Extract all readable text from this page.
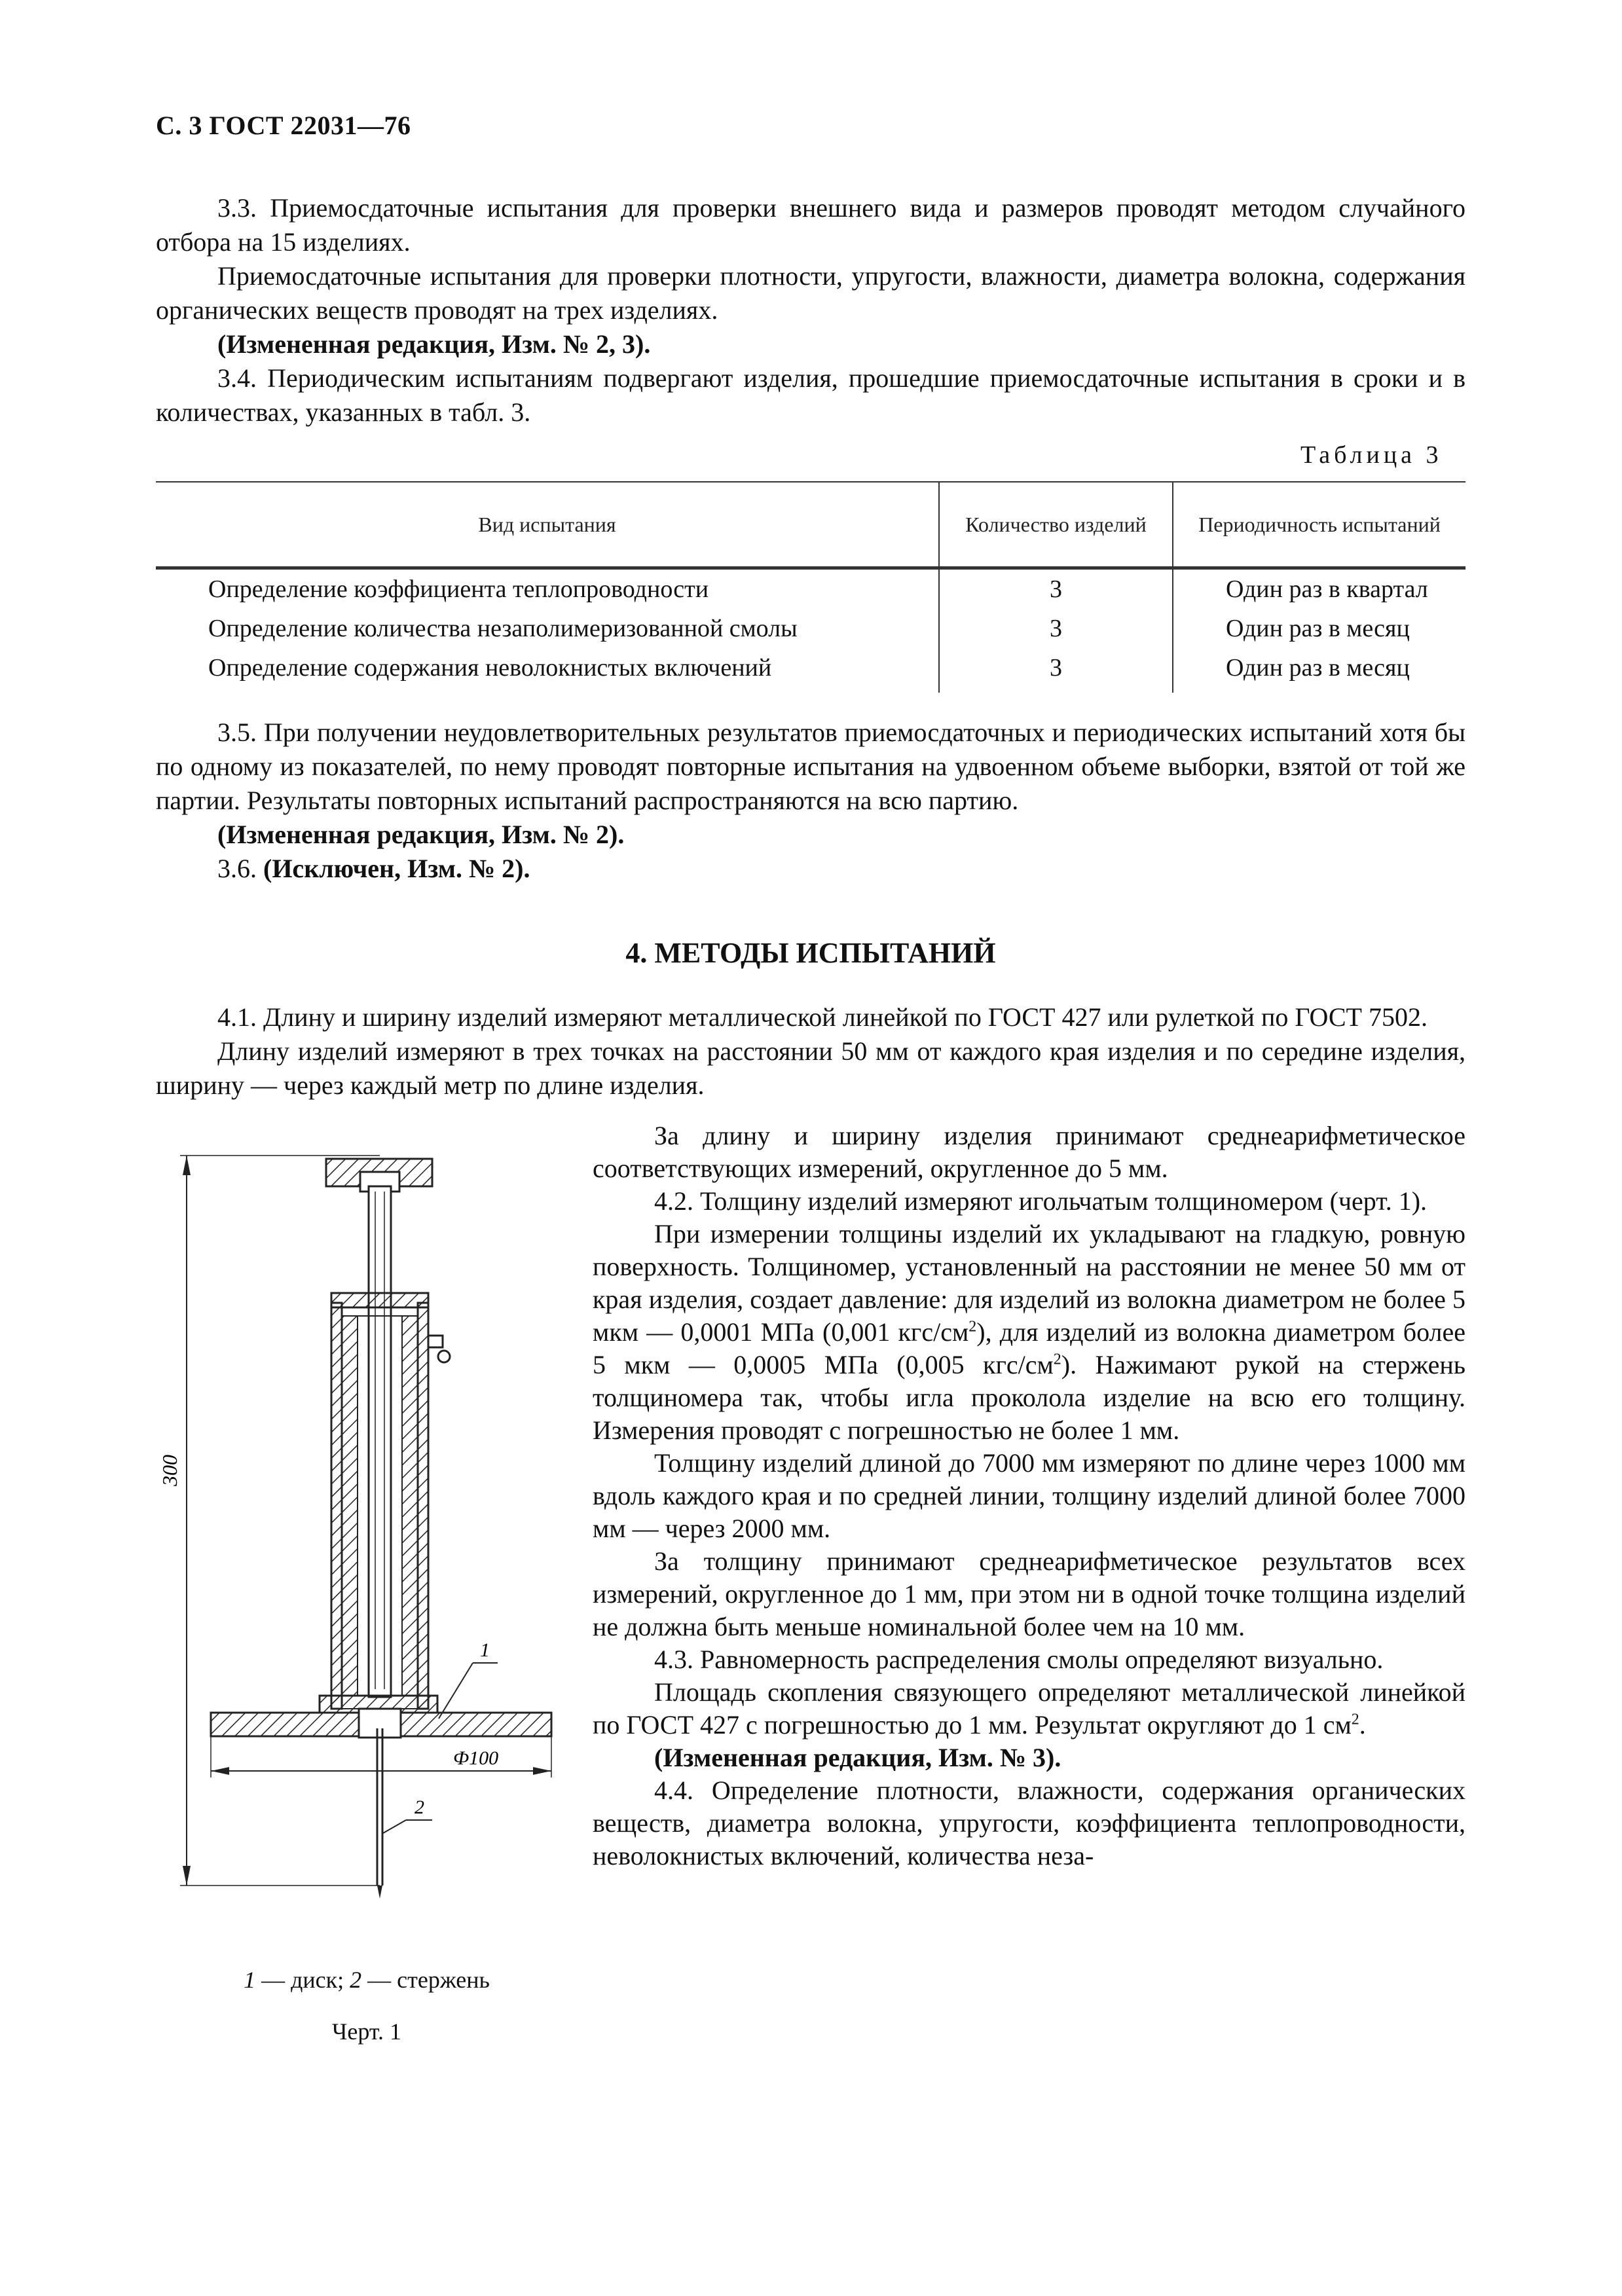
С. 3 ГОСТ 22031—76

3.3. Приемосдаточные испытания для проверки внешнего вида и размеров проводят методом случайного отбора на 15 изделиях.

Приемосдаточные испытания для проверки плотности, упругости, влажности, диаметра волокна, содержания органических веществ проводят на трех изделиях.

(Измененная редакция, Изм. № 2, 3).

3.4. Периодическим испытаниям подвергают изделия, прошедшие приемосдаточные испытания в сроки и в количествах, указанных в табл. 3.

Таблица 3
Вид испытания	Количество изделий	Периодичность испытаний
Определение коэффициента теплопроводности	3	Один раз в квартал
Определение количества незаполимеризованной смолы	3	Один раз в месяц
Определение содержания неволокнистых включений	3	Один раз в месяц

3.5. При получении неудовлетворительных результатов приемосдаточных и периодических испытаний хотя бы по одному из показателей, по нему проводят повторные испытания на удвоенном объеме выборки, взятой от той же партии. Результаты повторных испытаний распространяются на всю партию.

(Измененная редакция, Изм. № 2).

3.6. (Исключен, Изм. № 2).

4. МЕТОДЫ ИСПЫТАНИЙ

4.1. Длину и ширину изделий измеряют металлической линейкой по ГОСТ 427 или рулеткой по ГОСТ 7502.

Длину изделий измеряют в трех точках на расстоянии 50 мм от каждого края изделия и по середине изделия, ширину — через каждый метр по длине изделия.

За длину и ширину изделия принимают среднеарифметическое соответствующих измерений, округленное до 5 мм.

4.2. Толщину изделий измеряют игольчатым толщиномером (черт. 1).

При измерении толщины изделий их укладывают на гладкую, ровную поверхность. Толщиномер, установленный на расстоянии не менее 50 мм от края изделия, создает давление: для изделий из волокна диаметром не более 5 мкм — 0,0001 МПа (0,001 кгс/$см^2$), для изделий из волокна диаметром более 5 мкм — 0,0005 МПа (0,005 кгс/$см^2$). Нажимают рукой на стержень толщиномера так, чтобы игла проколола изделие на всю его толщину. Измерения проводят с погрешностью не более 1 мм.

Толщину изделий длиной до 7000 мм измеряют по длине через 1000 мм вдоль каждого края и по средней линии, толщину изделий длиной более 7000 мм — через 2000 мм.

За толщину принимают среднеарифметическое результатов всех измерений, округленное до 1 мм, при этом ни в одной точке толщина изделий не должна быть меньше номинальной более чем на 10 мм.

4.3. Равномерность распределения смолы определяют визуально.

Площадь скопления связующего определяют металлической линейкой по ГОСТ 427 с погрешностью до 1 мм. Результат округляют до 1 $см^2$.

(Измененная редакция, Изм. № 3).

4.4. Определение плотности, влажности, содержания органических веществ, диаметра волокна, упругости, коэффициента теплопроводности, неволокнистых включений, количества неза-

300
Ф100
1
2
1 — диск; 2 — стержень
Черт. 1
